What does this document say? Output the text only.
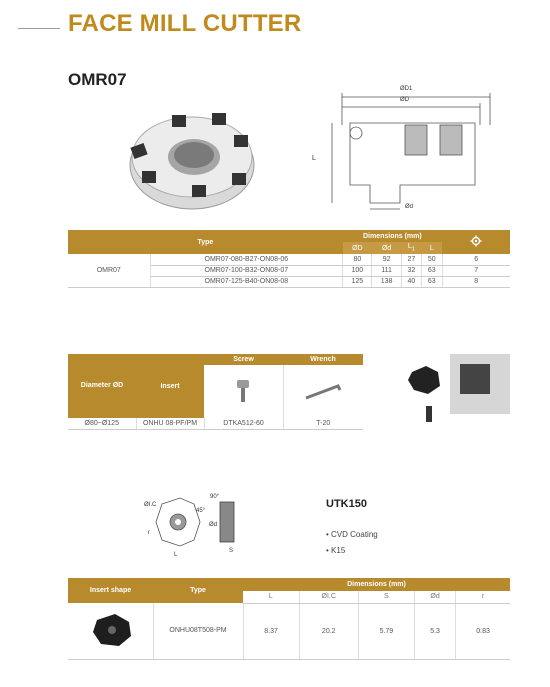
FACE MILL CUTTER
OMR07	ØD1
ØD
L
Ød
Type		Dimensions (mm)	
		ØD	Ød	$L_1$	L	
OMR07	OMR07-080-B27-ON08-06	80	92	27	50	6
	OMR07-100-B32-ON08-07	100	111	32	63	7
	OMR07-125-B40-ON08-08	125	138	40	63	8
Diameter ØD	Insert	Screw	Wrench

Ø80~Ø125	ONHU 08-PF/PM	DTKA512-60	T-20
ØI.C
45°
90°
Ød
r
L
S
UTK150
• CVD Coating
• K15
Insert shape	Type	Dimensions (mm)				
		L	ØI.C	S	Ød	r
	ONHU08T508-PM	8.37	20.2	5.79	5.3	0.83
